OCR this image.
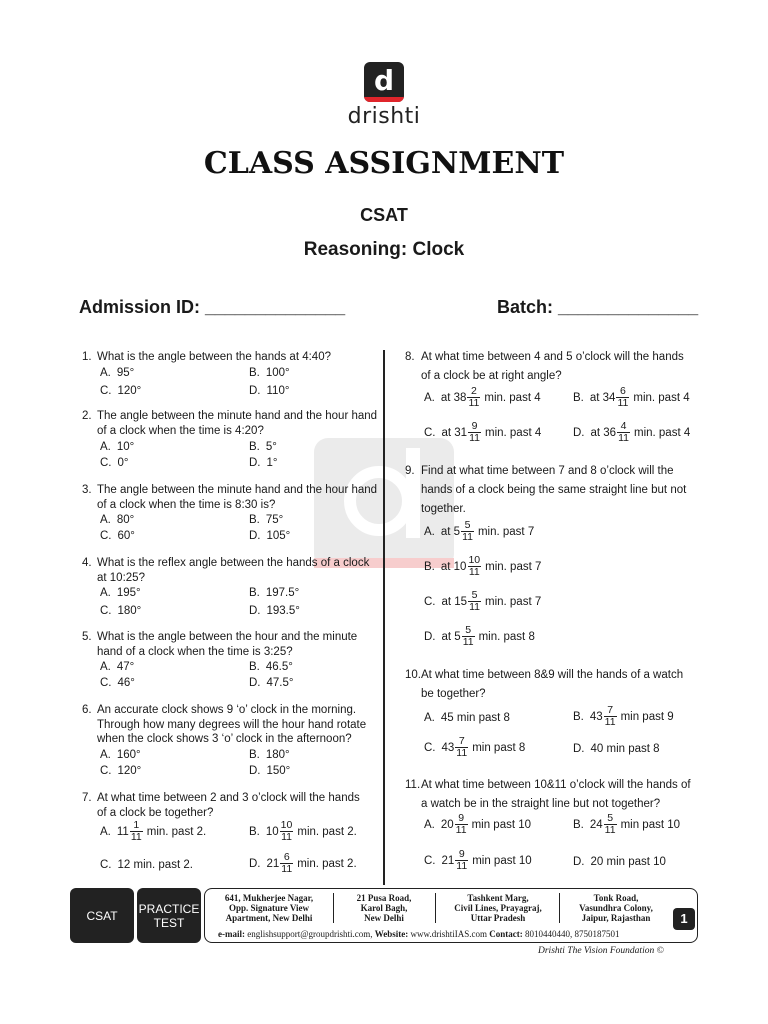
d
drishti
CLASS ASSIGNMENT
CSAT
Reasoning: Clock
Admission ID: ______________	Batch: ______________
1. What is the angle between the hands at 4:40?
A. 95°	B. 100°
C. 120°	D. 110°
2. The angle between the minute hand and the hour hand
of a clock when the time is 4:20?
A. 10°	B. 5°
C. 0°	D. 1°
3. The angle between the minute hand and the hour hand
of a clock when the time is 8:30 is?
A. 80°	B. 75°
C. 60°	D. 105°
4. What is the reflex angle between the hands of a clock
at 10:25?
A. 195°	B. 197.5°
C. 180°	D. 193.5°
5. What is the angle between the hour and the minute
hand of a clock when the time is 3:25?
A. 47°	B. 46.5°
C. 46°	D. 47.5°
6. An accurate clock shows 9 ‘o’ clock in the morning.
Through how many degrees will the hour hand rotate
when the clock shows 3 ‘o’ clock in the afternoon?
A. 160°	B. 180°
C. 120°	D. 150°
7. At what time between 2 and 3 o’clock will the hands
of a clock be together?
A. $11 \frac{1}{11} \min$. past 2.	B. $10 \frac{10}{11} \min$. past 2.
C. 12 min. past 2.	D. $21 \frac{6}{11} \min$. past 2.
8. At what time between 4 and 5 o’clock will the hands
of a clock be at right angle?
A. at $38 \frac{2}{11} \min$. past 4	B. at $34 \frac{6}{11} \min$. past 4
C. at $31 \frac{9}{11} \min$. past 4	D. at $36 \frac{4}{11} \min$. past 4
9. Find at what time between 7 and 8 o’clock will the
hands of a clock being the same straight line but not
together.
A. at $5 \frac{5}{11} \min$. past 7
B. at $10 \frac{10}{11} \min$. past 7
C. at $15 \frac{5}{11} \min$. past 7
D. at $5 \frac{5}{11} \min$. past 8
10. At what time between 8&9 will the hands of a watch
be together?
A. 45 min past 8	B. $43 \frac{7}{11}$ min past 9
C. $43 \frac{7}{11}$ min past 8	D. 40 min past 8
11. At what time between 10&11 o’clock will the hands of
a watch be in the straight line but not together?
A. $20 \frac{9}{11}$ min past 10	B. $24 \frac{5}{11}$ min past 10
C. $21 \frac{9}{11}$ min past 10	D. 20 min past 10
CSAT PRACTICE
TEST
641, Mukherjee Nagar,
Opp. Signature View
Apartment, New Delhi
21 Pusa Road,
Karol Bagh,
New Delhi
Tashkent Marg,
Civil Lines, Prayagraj,
Uttar Pradesh
Tonk Road,
Vasundhra Colony,
Jaipur, Rajasthan
e-mail: englishsupport@groupdrishti.com, Website: www.drishtiIAS.com Contact: 8010440440, 8750187501
1
Drishti The Vision Foundation ©
